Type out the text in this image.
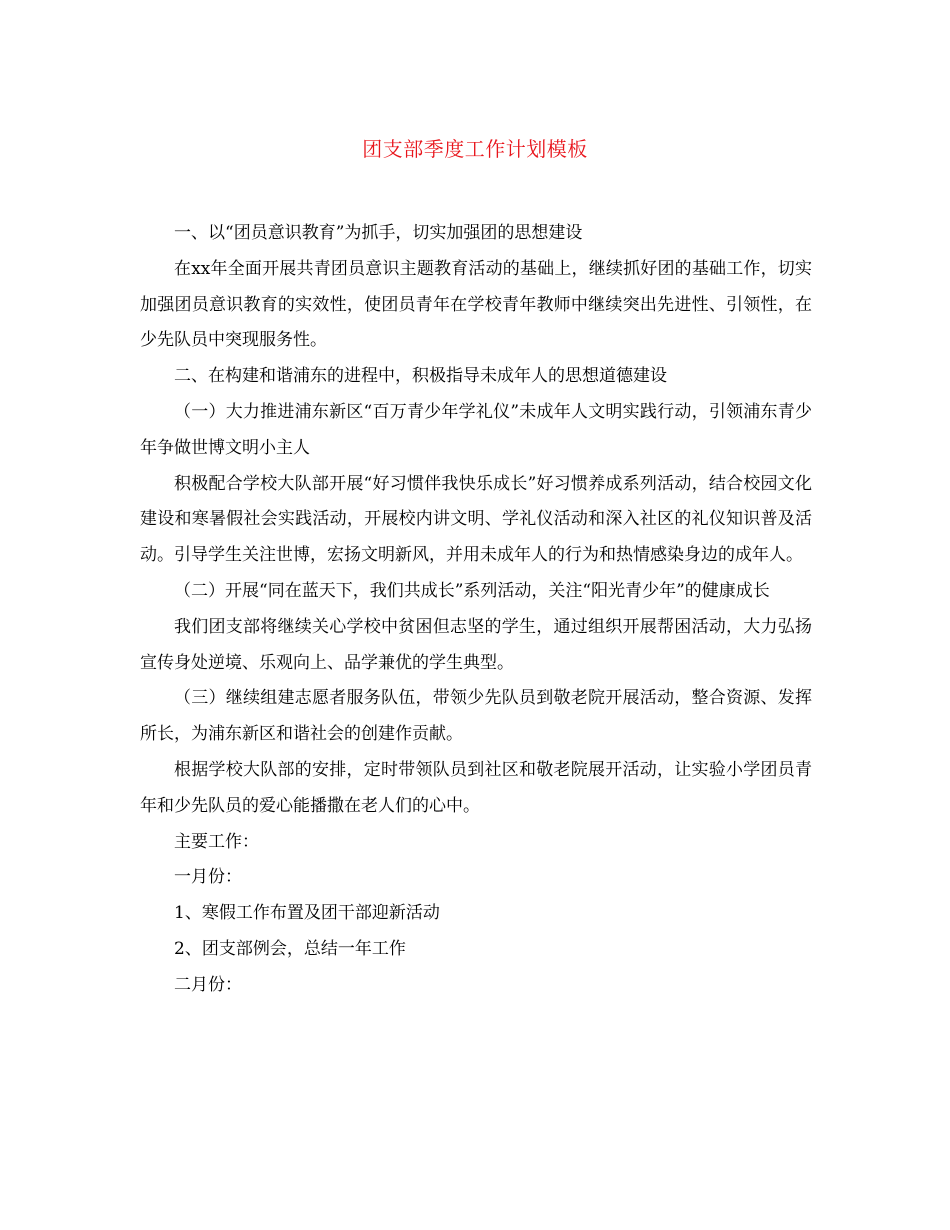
团支部季度工作计划模板

一、以“团员意识教育”为抓手，切实加强团的思想建设

在xx年全面开展共青团员意识主题教育活动的基础上，继续抓好团的基础工作，切实加强团员意识教育的实效性，使团员青年在学校青年教师中继续突出先进性、引领性，在少先队员中突现服务性。

二、在构建和谐浦东的进程中，积极指导未成年人的思想道德建设

（一）大力推进浦东新区“百万青少年学礼仪”未成年人文明实践行动，引领浦东青少年争做世博文明小主人

积极配合学校大队部开展“好习惯伴我快乐成长”好习惯养成系列活动，结合校园文化建设和寒暑假社会实践活动，开展校内讲文明、学礼仪活动和深入社区的礼仪知识普及活动。引导学生关注世博，宏扬文明新风，并用未成年人的行为和热情感染身边的成年人。

（二）开展“同在蓝天下，我们共成长”系列活动，关注“阳光青少年”的健康成长

我们团支部将继续关心学校中贫困但志坚的学生，通过组织开展帮困活动，大力弘扬宣传身处逆境、乐观向上、品学兼优的学生典型。

（三）继续组建志愿者服务队伍，带领少先队员到敬老院开展活动，整合资源、发挥所长，为浦东新区和谐社会的创建作贡献。

根据学校大队部的安排，定时带领队员到社区和敬老院展开活动，让实验小学团员青年和少先队员的爱心能播撒在老人们的心中。

主要工作：

一月份：

1、寒假工作布置及团干部迎新活动

2、团支部例会，总结一年工作

二月份：
